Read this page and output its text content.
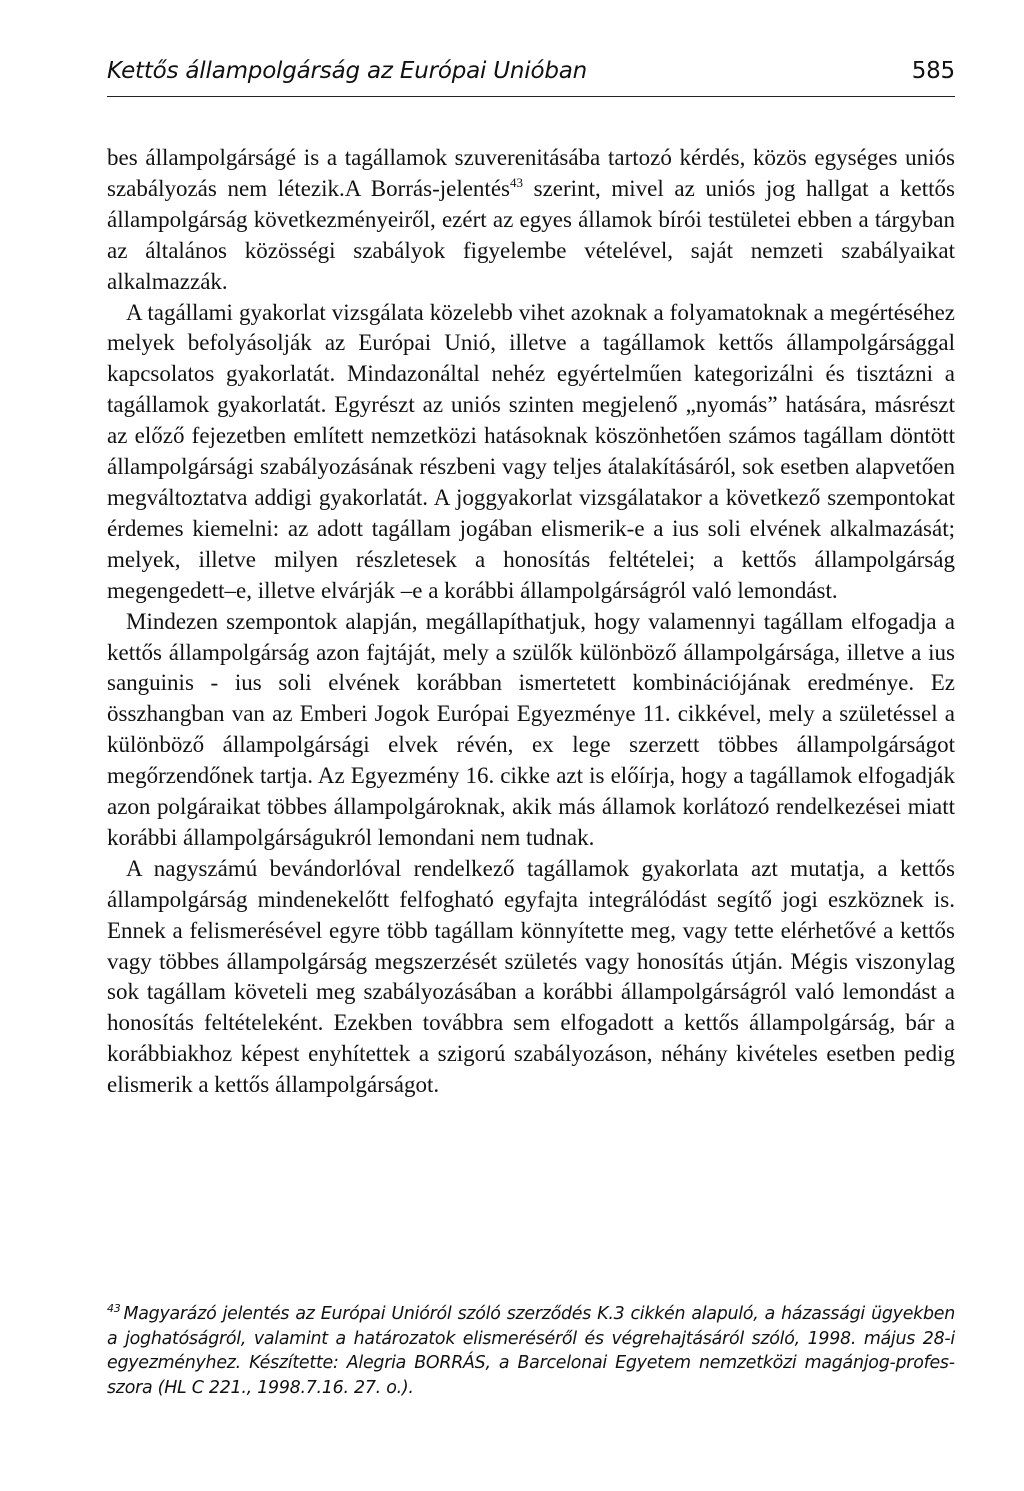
Kettős állampolgárság az Európai Unióban	585

bes állampolgárságé is a tagállamok szuverenitásába tartozó kérdés, közös egységes uniós szabályozás nem létezik.A Borrás-jelentés$^{43}$ szerint, mivel az uniós jog hallgat a kettős állampolgárság következményeiről, ezért az egyes államok bírói testületei ebben a tárgyban az általános közösségi szabályok figyelembe vételével, saját nemzeti szabályaikat alkalmazzák.

A tagállami gyakorlat vizsgálata közelebb vihet azoknak a folyamatoknak a megértéséhez melyek befolyásolják az Európai Unió, illetve a tagállamok kettős állampolgársággal kapcsolatos gyakorlatát. Mindazonáltal nehéz egyértelműen kategorizálni és tisztázni a tagállamok gyakorlatát. Egyrészt az uniós szinten megjelenő „nyomás” hatására, másrészt az előző fejezetben említett nemzetközi hatásoknak köszönhetően számos tagállam döntött állampolgársági szabályozásának részbeni vagy teljes átalakításáról, sok esetben alapvetően megváltoztatva addigi gyakorlatát. A joggyakorlat vizsgálatakor a következő szempontokat érdemes kiemelni: az adott tagállam jogában elismerik-e a ius soli elvének alkalmazását; melyek, illetve milyen részletesek a honosítás feltételei; a kettős állampolgárság megengedett–e, illetve elvárják –e a korábbi állampolgárságról való lemondást.

Mindezen szempontok alapján, megállapíthatjuk, hogy valamennyi tagállam elfogadja a kettős állampolgárság azon fajtáját, mely a szülők különböző állampolgársága, illetve a ius sanguinis - ius soli elvének korábban ismertetett kombinációjának eredménye. Ez összhangban van az Emberi Jogok Európai Egyezménye 11. cikkével, mely a születéssel a különböző állampolgársági elvek révén, ex lege szerzett többes állampolgárságot megőrzendőnek tartja. Az Egyezmény 16. cikke azt is előírja, hogy a tagállamok elfogadják azon polgáraikat többes állampolgároknak, akik más államok korlátozó rendelkezései miatt korábbi állampolgárságukról lemondani nem tudnak.

A nagyszámú bevándorlóval rendelkező tagállamok gyakorlata azt mutatja, a kettős állampolgárság mindenekelőtt felfogható egyfajta integrálódást segítő jogi eszköznek is. Ennek a felismerésével egyre több tagállam könnyítette meg, vagy tette elérhetővé a kettős vagy többes állampolgárság megszerzését születés vagy honosítás útján. Mégis viszonylag sok tagállam követeli meg szabályozásában a korábbi állampolgárságról való lemondást a honosítás feltételeként. Ezekben továbbra sem elfogadott a kettős állampolgárság, bár a korábbiakhoz képest enyhítettek a szigorú szabályozáson, néhány kivételes esetben pedig elismerik a kettős állampolgárságot.

$^{43}$ Magyarázó jelentés az Európai Unióról szóló szerződés K.3 cikkén alapuló, a házassági ügyekben a joghatóságról, valamint a határozatok elismeréséről és végrehajtásáról szóló, 1998. május 28-i egyezményhez. Készítette: Alegria BORRÁS, a Barcelonai Egyetem nemzetközi magánjog-professzora (HL C 221., 1998.7.16. 27. o.).
